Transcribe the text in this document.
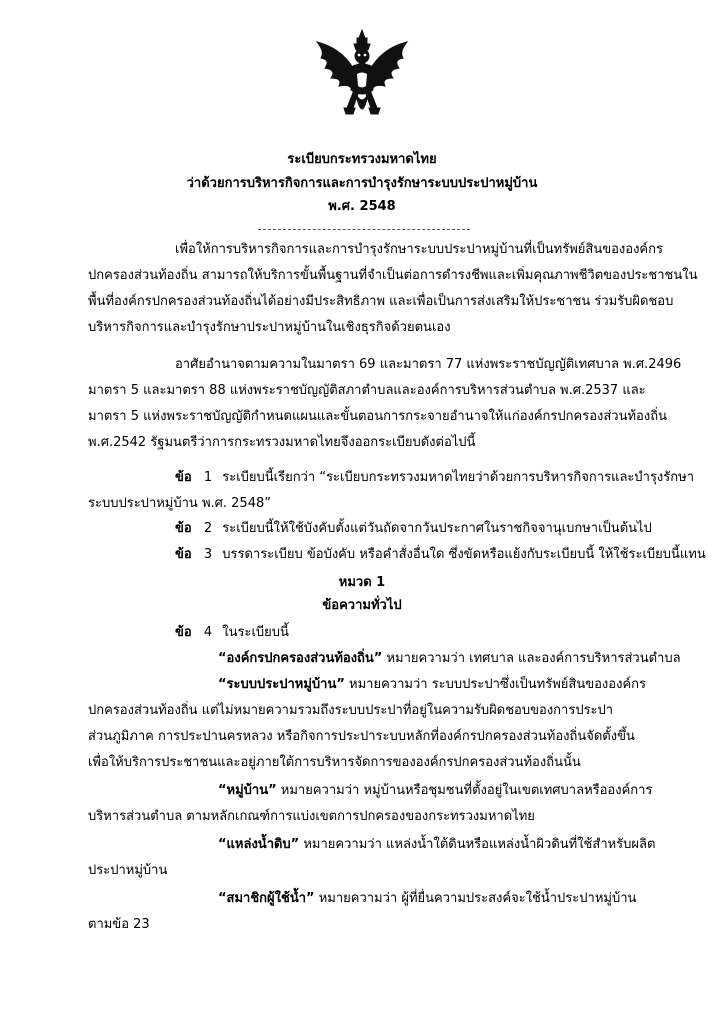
ระเบียบกระทรวงมหาดไทย
ว่าด้วยการบริหารกิจการและการบำรุงรักษาระบบประปาหมู่บ้าน
พ.ศ. 2548
เพื่อให้การบริหารกิจการและการบำรุงรักษาระบบประปาหมู่บ้านที่เป็นทรัพย์สินขององค์กร
ปกครองส่วนท้องถิ่น สามารถให้บริการขั้นพื้นฐานที่จำเป็นต่อการดำรงชีพและเพิ่มคุณภาพชีวิตของประชาชนใน
พื้นที่องค์กรปกครองส่วนท้องถิ่นได้อย่างมีประสิทธิภาพ และเพื่อเป็นการส่งเสริมให้ประชาชน ร่วมรับผิดชอบ
บริหารกิจการและบำรุงรักษาประปาหมู่บ้านในเชิงธุรกิจด้วยตนเอง
อาศัยอำนาจตามความในมาตรา 69 และมาตรา 77 แห่งพระราชบัญญัติเทศบาล พ.ศ.2496
มาตรา 5 และมาตรา 88 แห่งพระราชบัญญัติสภาตำบลและองค์การบริหารส่วนตำบล พ.ศ.2537 และ
มาตรา 5 แห่งพระราชบัญญัติกำหนดแผนและขั้นตอนการกระจายอำนาจให้แก่องค์กรปกครองส่วนท้องถิ่น
พ.ศ.2542 รัฐมนตรีว่าการกระทรวงมหาดไทยจึงออกระเบียบดังต่อไปนี้
ข้อ 1 ระเบียบนี้เรียกว่า “ระเบียบกระทรวงมหาดไทยว่าด้วยการบริหารกิจการและบำรุงรักษา
ระบบประปาหมู่บ้าน พ.ศ. 2548”
ข้อ 2 ระเบียบนี้ให้ใช้บังคับตั้งแต่วันถัดจากวันประกาศในราชกิจจานุเบกษาเป็นต้นไป
ข้อ 3 บรรดาระเบียบ ข้อบังคับ หรือคำสั่งอื่นใด ซึ่งขัดหรือแย้งกับระเบียบนี้ ให้ใช้ระเบียบนี้แทน
หมวด 1
ข้อความทั่วไป
ข้อ 4 ในระเบียบนี้
“องค์กรปกครองส่วนท้องถิ่น” หมายความว่า เทศบาล และองค์การบริหารส่วนตำบล
“ระบบประปาหมู่บ้าน” หมายความว่า ระบบประปาซึ่งเป็นทรัพย์สินขององค์กร
ปกครองส่วนท้องถิ่น แต่ไม่หมายความรวมถึงระบบประปาที่อยู่ในความรับผิดชอบของการประปา
ส่วนภูมิภาค การประปานครหลวง หรือกิจการประปาระบบหลักที่องค์กรปกครองส่วนท้องถิ่นจัดตั้งขึ้น
เพื่อให้บริการประชาชนและอยู่ภายใต้การบริหารจัดการขององค์กรปกครองส่วนท้องถิ่นนั้น
“หมู่บ้าน” หมายความว่า หมู่บ้านหรือชุมชนที่ตั้งอยู่ในเขตเทศบาลหรือองค์การ
บริหารส่วนตำบล ตามหลักเกณฑ์การแบ่งเขตการปกครองของกระทรวงมหาดไทย
“แหล่งน้ำดิบ” หมายความว่า แหล่งน้ำใต้ดินหรือแหล่งน้ำผิวดินที่ใช้สำหรับผลิต
ประปาหมู่บ้าน
“สมาชิกผู้ใช้น้ำ” หมายความว่า ผู้ที่ยื่นความประสงค์จะใช้น้ำประปาหมู่บ้าน
ตามข้อ 23
